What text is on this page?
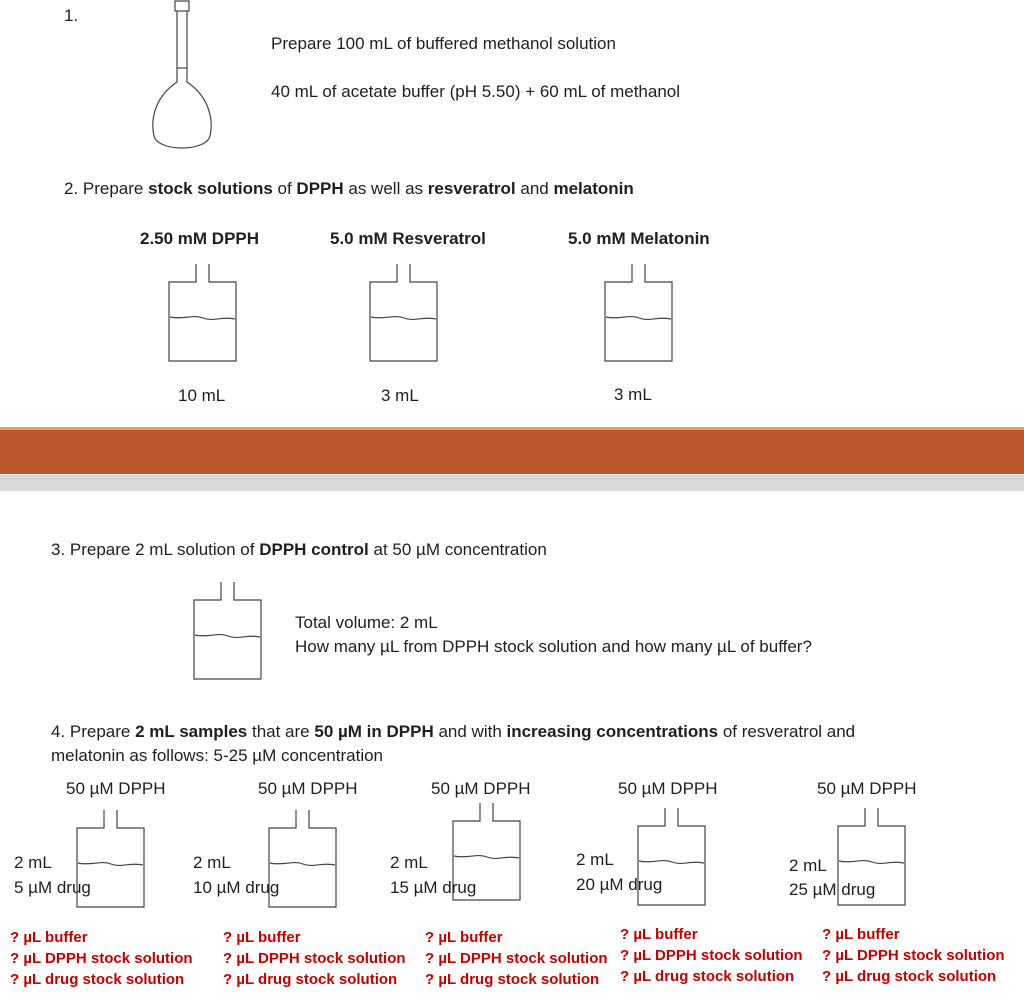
1.
Prepare 100 mL of buffered methanol solution
40 mL of acetate buffer (pH 5.50) + 60 mL of methanol
2. Prepare stock solutions of DPPH as well as resveratrol and melatonin
2.50 mM DPPH	5.0 mM Resveratrol	5.0 mM Melatonin
10 mL	3 mL	3 mL
3. Prepare 2 mL solution of DPPH control at 50 µM concentration
Total volume: 2 mL
How many µL from DPPH stock solution and how many µL of buffer?
4. Prepare 2 mL samples that are 50 µM in DPPH and with increasing concentrations of resveratrol and
melatonin as follows: 5-25 µM concentration
50 µM DPPH
2 mL
5 µM drug
? µL buffer
? µL DPPH stock solution
? µL drug stock solution
50 µM DPPH
2 mL
10 µM drug
? µL buffer
? µL DPPH stock solution
? µL drug stock solution
50 µM DPPH
2 mL
15 µM drug
? µL buffer
? µL DPPH stock solution
? µL drug stock solution
50 µM DPPH
2 mL
20 µM drug
? µL buffer
? µL DPPH stock solution
? µL drug stock solution
50 µM DPPH
2 mL
25 µM drug
? µL buffer
? µL DPPH stock solution
? µL drug stock solution
